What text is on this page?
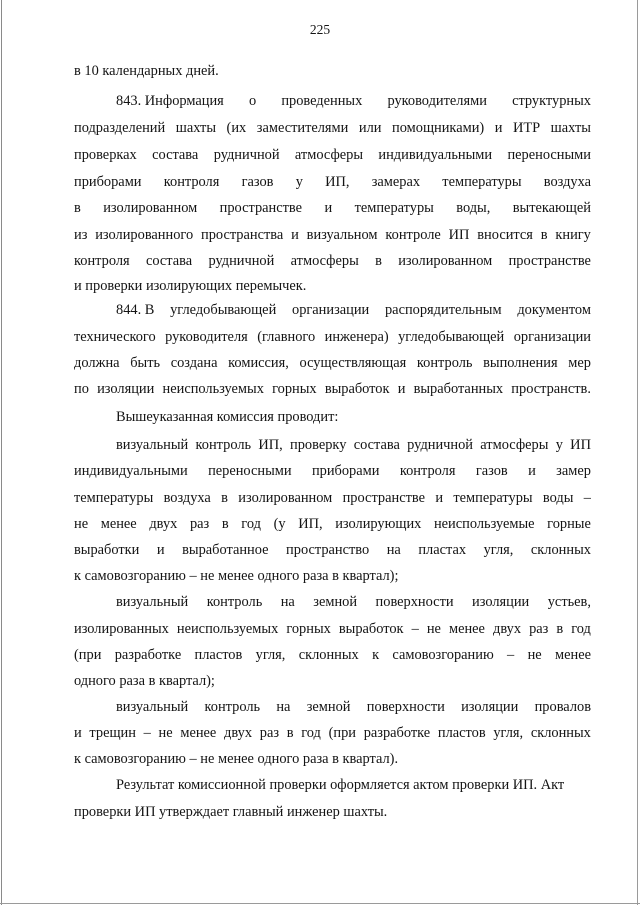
225
в 10 календарных дней.
843. Информация о проведенных руководителями структурных
подразделений шахты (их заместителями или помощниками) и ИТР шахты
проверках состава рудничной атмосферы индивидуальными переносными
приборами контроля газов у ИП, замерах температуры воздуха
в изолированном пространстве и температуры воды, вытекающей
из изолированного пространства и визуальном контроле ИП вносится в книгу
контроля состава рудничной атмосферы в изолированном пространстве
и проверки изолирующих перемычек.
844. В угледобывающей организации распорядительным документом
технического руководителя (главного инженера) угледобывающей организации
должна быть создана комиссия, осуществляющая контроль выполнения мер
по изоляции неиспользуемых горных выработок и выработанных пространств.
Вышеуказанная комиссия проводит:
визуальный контроль ИП, проверку состава рудничной атмосферы у ИП
индивидуальными переносными приборами контроля газов и замер
температуры воздуха в изолированном пространстве и температуры воды –
не менее двух раз в год (у ИП, изолирующих неиспользуемые горные
выработки и выработанное пространство на пластах угля, склонных
к самовозгоранию – не менее одного раза в квартал);
визуальный контроль на земной поверхности изоляции устьев,
изолированных неиспользуемых горных выработок – не менее двух раз в год
(при разработке пластов угля, склонных к самовозгоранию – не менее
одного раза в квартал);
визуальный контроль на земной поверхности изоляции провалов
и трещин – не менее двух раз в год (при разработке пластов угля, склонных
к самовозгоранию – не менее одного раза в квартал).
Результат комиссионной проверки оформляется актом проверки ИП. Акт
проверки ИП утверждает главный инженер шахты.
